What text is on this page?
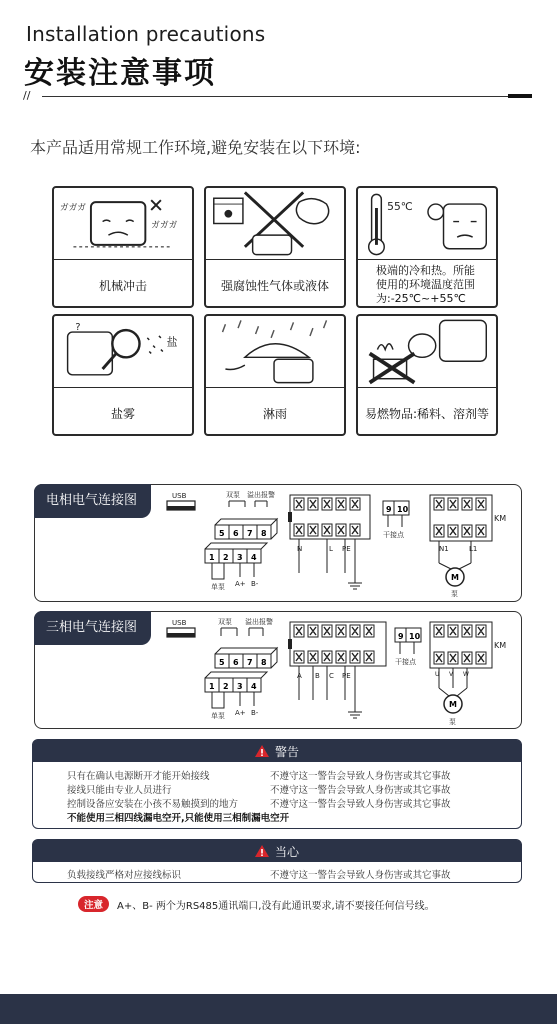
Installation precautions
安装注意事项
//
本产品适用常规工作环境,避免安装在以下环境:
ガガガ
ガガガ
机械冲击	强腐蚀性气体或液体
55℃
极端的冷和热。所能
使用的环境温度范围
为:-25℃~+55℃
?
盐
盐雾	淋雨	易燃物品:稀料、溶剂等
电相电气连接图	USB	双泵 溢出报警
5 6 7 8
1 2 3 4
单泵 A+ B-
N	L PE
9 10
干接点
KM
N1	L1
M
泵
三相电气连接图	USB	双泵 溢出报警
5 6 7 8
1 2 3 4
单泵 A+ B-
A B C PE
9 10
干接点
KM
U V W
M
泵
警告
只有在确认电源断开才能开始接线	不遵守这一警告会导致人身伤害或其它事故
接线只能由专业人员进行	不遵守这一警告会导致人身伤害或其它事故
控制设备应安装在小孩不易触摸到的地方	不遵守这一警告会导致人身伤害或其它事故
不能使用三相四线漏电空开,只能使用三相制漏电空开
当心
负载接线严格对应接线标识	不遵守这一警告会导致人身伤害或其它事故
注意	A+、B- 两个为RS485通讯端口,没有此通讯要求,请不要接任何信号线。
